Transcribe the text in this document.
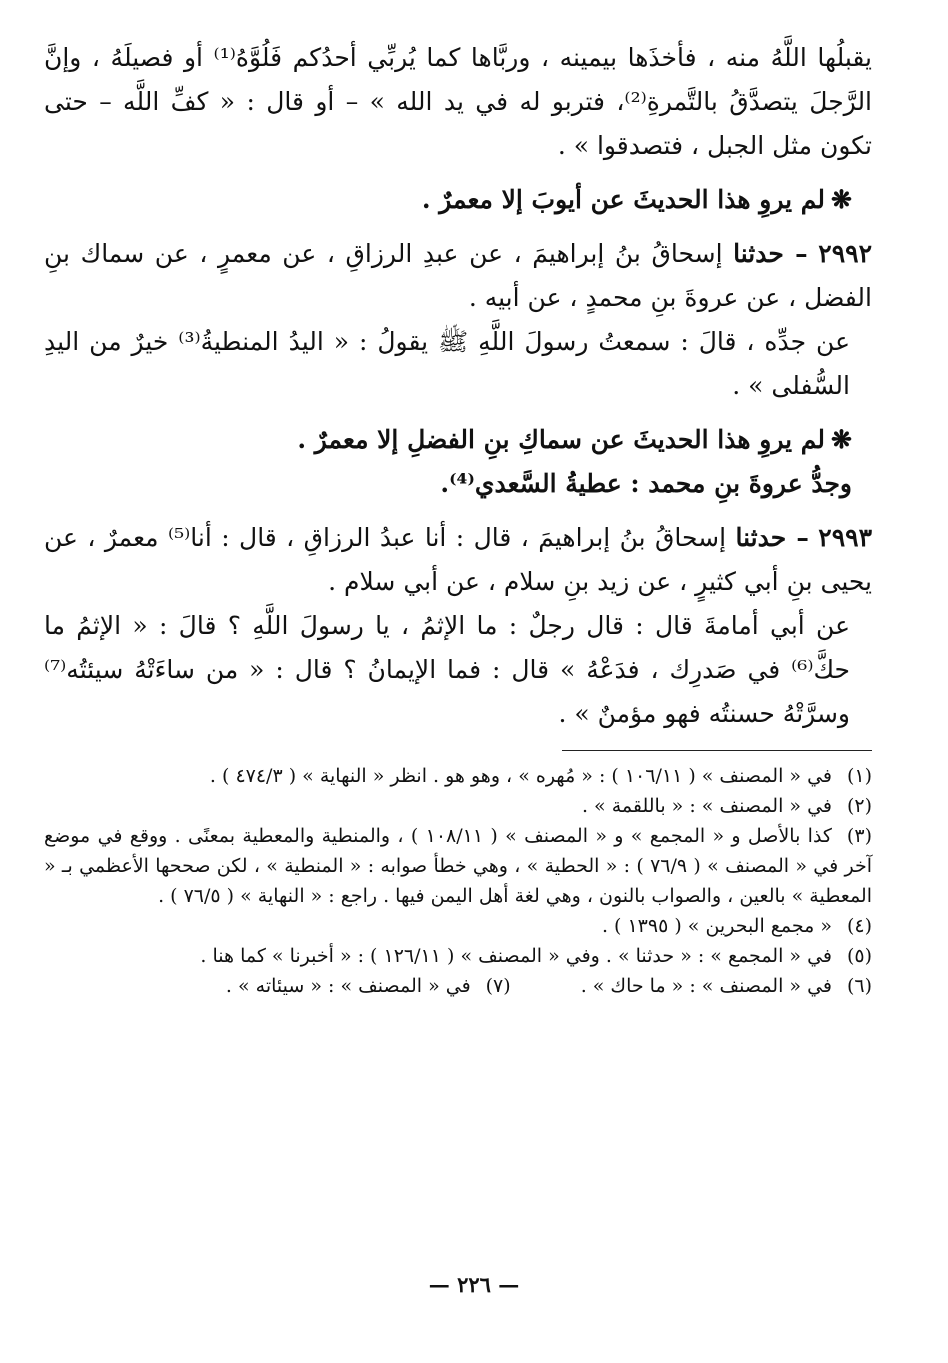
يقبلُها اللَّهُ منه ، فأخذَها بيمينه ، وربَّاها كما يُربِّي أحدُكم فَلُوَّهُ⁽¹⁾ أو فصيلَهُ ، وإنَّ الرَّجلَ يتصدَّقُ بالتَّمرةِ⁽²⁾، فتربو له في يد الله » – أو قال : « كفِّ اللَّه – حتى تكون مثل الجبل ، فتصدقوا » .

❋لم يروِ هذا الحديثَ عن أيوبَ إلا معمرٌ .

٢٩٩٢ – حدثنا إسحاقُ بنُ إبراهيمَ ، عن عبدِ الرزاقِ ، عن معمرٍ ، عن سماك بنِ الفضل ، عن عروةَ بنِ محمدٍ ، عن أبيه .

عن جدِّه ، قالَ : سمعتُ رسولَ اللَّهِ ﷺ يقولُ : « اليدُ المنطيةُ⁽³⁾ خيرٌ من اليدِ السُّفلى » .

❋لم يروِ هذا الحديثَ عن سماكِ بنِ الفضلِ إلا معمرٌ .

وجدُّ عروةَ بنِ محمد : عطيةُ السَّعدي⁽⁴⁾.

٢٩٩٣ – حدثنا إسحاقُ بنُ إبراهيمَ ، قال : أنا عبدُ الرزاقِ ، قال : أنا⁽⁵⁾ معمرٌ ، عن يحيى بنِ أبي كثيرٍ ، عن زيد بنِ سلام ، عن أبي سلام .

عن أبي أمامةَ قال : قال رجلٌ : ما الإثمُ ، يا رسولَ اللَّهِ ؟ قالَ : « الإثمُ ما حكَّ⁽⁶⁾ في صَدرِك ، فدَعْهُ » قال : فما الإيمانُ ؟ قال : « من ساءَتْهُ سيئتُه⁽⁷⁾ وسرَّتْهُ حسنتُه فهو مؤمنٌ » .

(١)في « المصنف » ( ١٠٦/١١ ) : « مُهره » ، وهو هو . انظر « النهاية » ( ٤٧٤/٣ ) .

(٢)في « المصنف » : « باللقمة » .

(٣)كذا بالأصل و « المجمع » و « المصنف » ( ١٠٨/١١ ) ، والمنطية والمعطية بمعنًى . ووقع في موضع آخر في « المصنف » ( ٧٦/٩ ) : « الحطية » ، وهي خطأ صوابه : « المنطية » ، لكن صححها الأعظمي بـ « المعطية » بالعين ، والصواب بالنون ، وهي لغة أهل اليمن فيها . راجع : « النهاية » ( ٧٦/٥ ) .

(٤)« مجمع البحرين » ( ١٣٩٥ ) .

(٥)في « المجمع » : « حدثنا » . وفي « المصنف » ( ١٢٦/١١ ) : « أخبرنا » كما هنا .

(٦)في « المصنف » : « ما حاك » .

(٧)في « المصنف » : « سيئاته » .

— ٢٢٦ —
